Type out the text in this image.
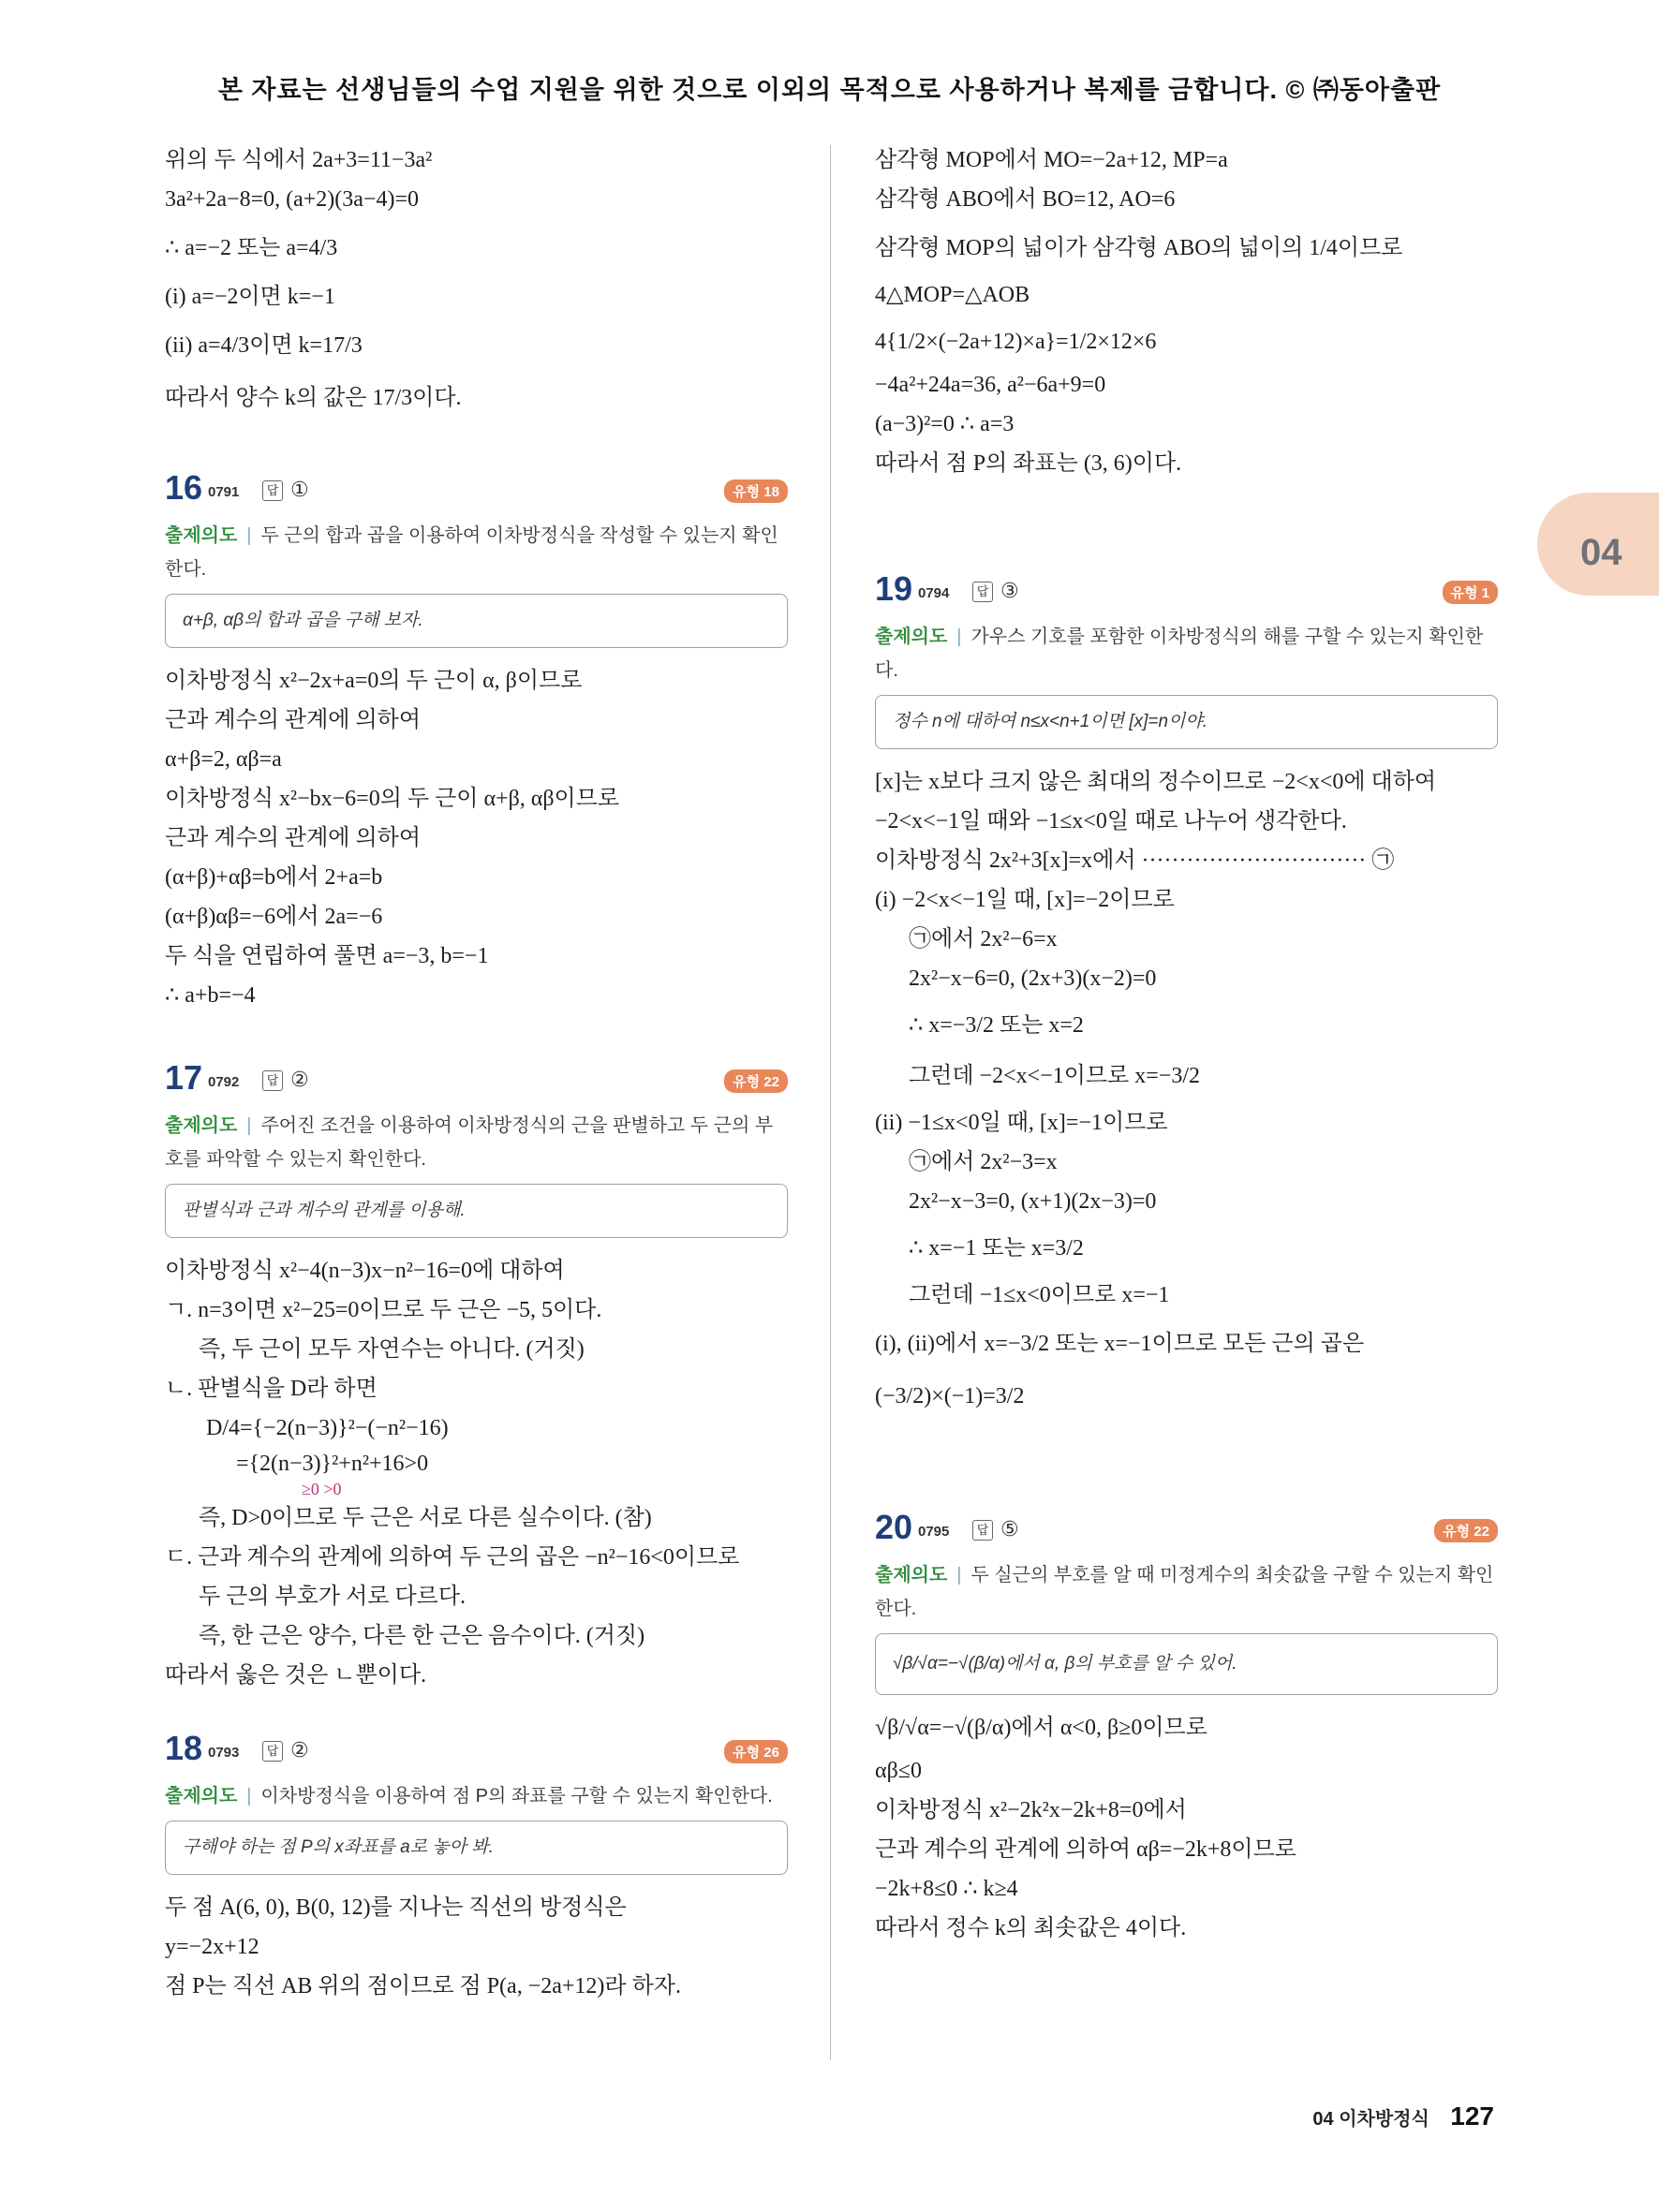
본 자료는 선생님들의 수업 지원을 위한 것으로 이외의 목적으로 사용하거나 복제를 금합니다. © ㈜동아출판
04
위의 두 식에서 2a+3=11−3a²
3a²+2a−8=0, (a+2)(3a−4)=0
∴ a=−2 또는 a=4/3
(i) a=−2이면 k=−1
(ii) a=4/3이면 k=17/3
따라서 양수 k의 값은 17/3이다.
16 0791	답 ①	유형 18
출제의도 | 두 근의 합과 곱을 이용하여 이차방정식을 작성할 수 있는지 확인한다.
α+β, αβ의 합과 곱을 구해 보자.
이차방정식 x²−2x+a=0의 두 근이 α, β이므로
근과 계수의 관계에 의하여
α+β=2, αβ=a
이차방정식 x²−bx−6=0의 두 근이 α+β, αβ이므로
근과 계수의 관계에 의하여
(α+β)+αβ=b에서 2+a=b
(α+β)αβ=−6에서 2a=−6
두 식을 연립하여 풀면 a=−3, b=−1
∴ a+b=−4
17 0792	답 ②	유형 22
출제의도 | 주어진 조건을 이용하여 이차방정식의 근을 판별하고 두 근의 부호를 파악할 수 있는지 확인한다.
판별식과 근과 계수의 관계를 이용해.
이차방정식 x²−4(n−3)x−n²−16=0에 대하여
ㄱ. n=3이면 x²−25=0이므로 두 근은 −5, 5이다.
즉, 두 근이 모두 자연수는 아니다. (거짓)
ㄴ. 판별식을 D라 하면
D/4={−2(n−3)}²−(−n²−16)
={2(n−3)}²+n²+16>0
≥0 >0
즉, D>0이므로 두 근은 서로 다른 실수이다. (참)
ㄷ. 근과 계수의 관계에 의하여 두 근의 곱은 −n²−16<0이므로
두 근의 부호가 서로 다르다.
즉, 한 근은 양수, 다른 한 근은 음수이다. (거짓)
따라서 옳은 것은 ㄴ뿐이다.
18 0793	답 ②	유형 26
출제의도 | 이차방정식을 이용하여 점 P의 좌표를 구할 수 있는지 확인한다.
구해야 하는 점 P의 x좌표를 a로 놓아 봐.
두 점 A(6, 0), B(0, 12)를 지나는 직선의 방정식은
y=−2x+12
점 P는 직선 AB 위의 점이므로 점 P(a, −2a+12)라 하자.
삼각형 MOP에서 MO=−2a+12, MP=a
삼각형 ABO에서 BO=12, AO=6
삼각형 MOP의 넓이가 삼각형 ABO의 넓이의 1/4이므로
4△MOP=△AOB
4{1/2×(−2a+12)×a}=1/2×12×6
−4a²+24a=36, a²−6a+9=0
(a−3)²=0 ∴ a=3
따라서 점 P의 좌표는 (3, 6)이다.
19 0794	답 ③	유형 1
출제의도 | 가우스 기호를 포함한 이차방정식의 해를 구할 수 있는지 확인한다.
정수 n에 대하여 n≤x<n+1이면 [x]=n이야.
[x]는 x보다 크지 않은 최대의 정수이므로 −2<x<0에 대하여
−2<x<−1일 때와 −1≤x<0일 때로 나누어 생각한다.
이차방정식 2x²+3[x]=x에서 ······························ ㉠
(i) −2<x<−1일 때, [x]=−2이므로
㉠에서 2x²−6=x
2x²−x−6=0, (2x+3)(x−2)=0
∴ x=−3/2 또는 x=2
그런데 −2<x<−1이므로 x=−3/2
(ii) −1≤x<0일 때, [x]=−1이므로
㉠에서 2x²−3=x
2x²−x−3=0, (x+1)(2x−3)=0
∴ x=−1 또는 x=3/2
그런데 −1≤x<0이므로 x=−1
(i), (ii)에서 x=−3/2 또는 x=−1이므로 모든 근의 곱은
(−3/2)×(−1)=3/2
20 0795	답 ⑤	유형 22
출제의도 | 두 실근의 부호를 알 때 미정계수의 최솟값을 구할 수 있는지 확인한다.
√β/√α=−√(β/α)에서 α, β의 부호를 알 수 있어.
√β/√α=−√(β/α)에서 α<0, β≥0이므로
αβ≤0
이차방정식 x²−2k²x−2k+8=0에서
근과 계수의 관계에 의하여 αβ=−2k+8이므로
−2k+8≤0 ∴ k≥4
따라서 정수 k의 최솟값은 4이다.
04 이차방정식 127
